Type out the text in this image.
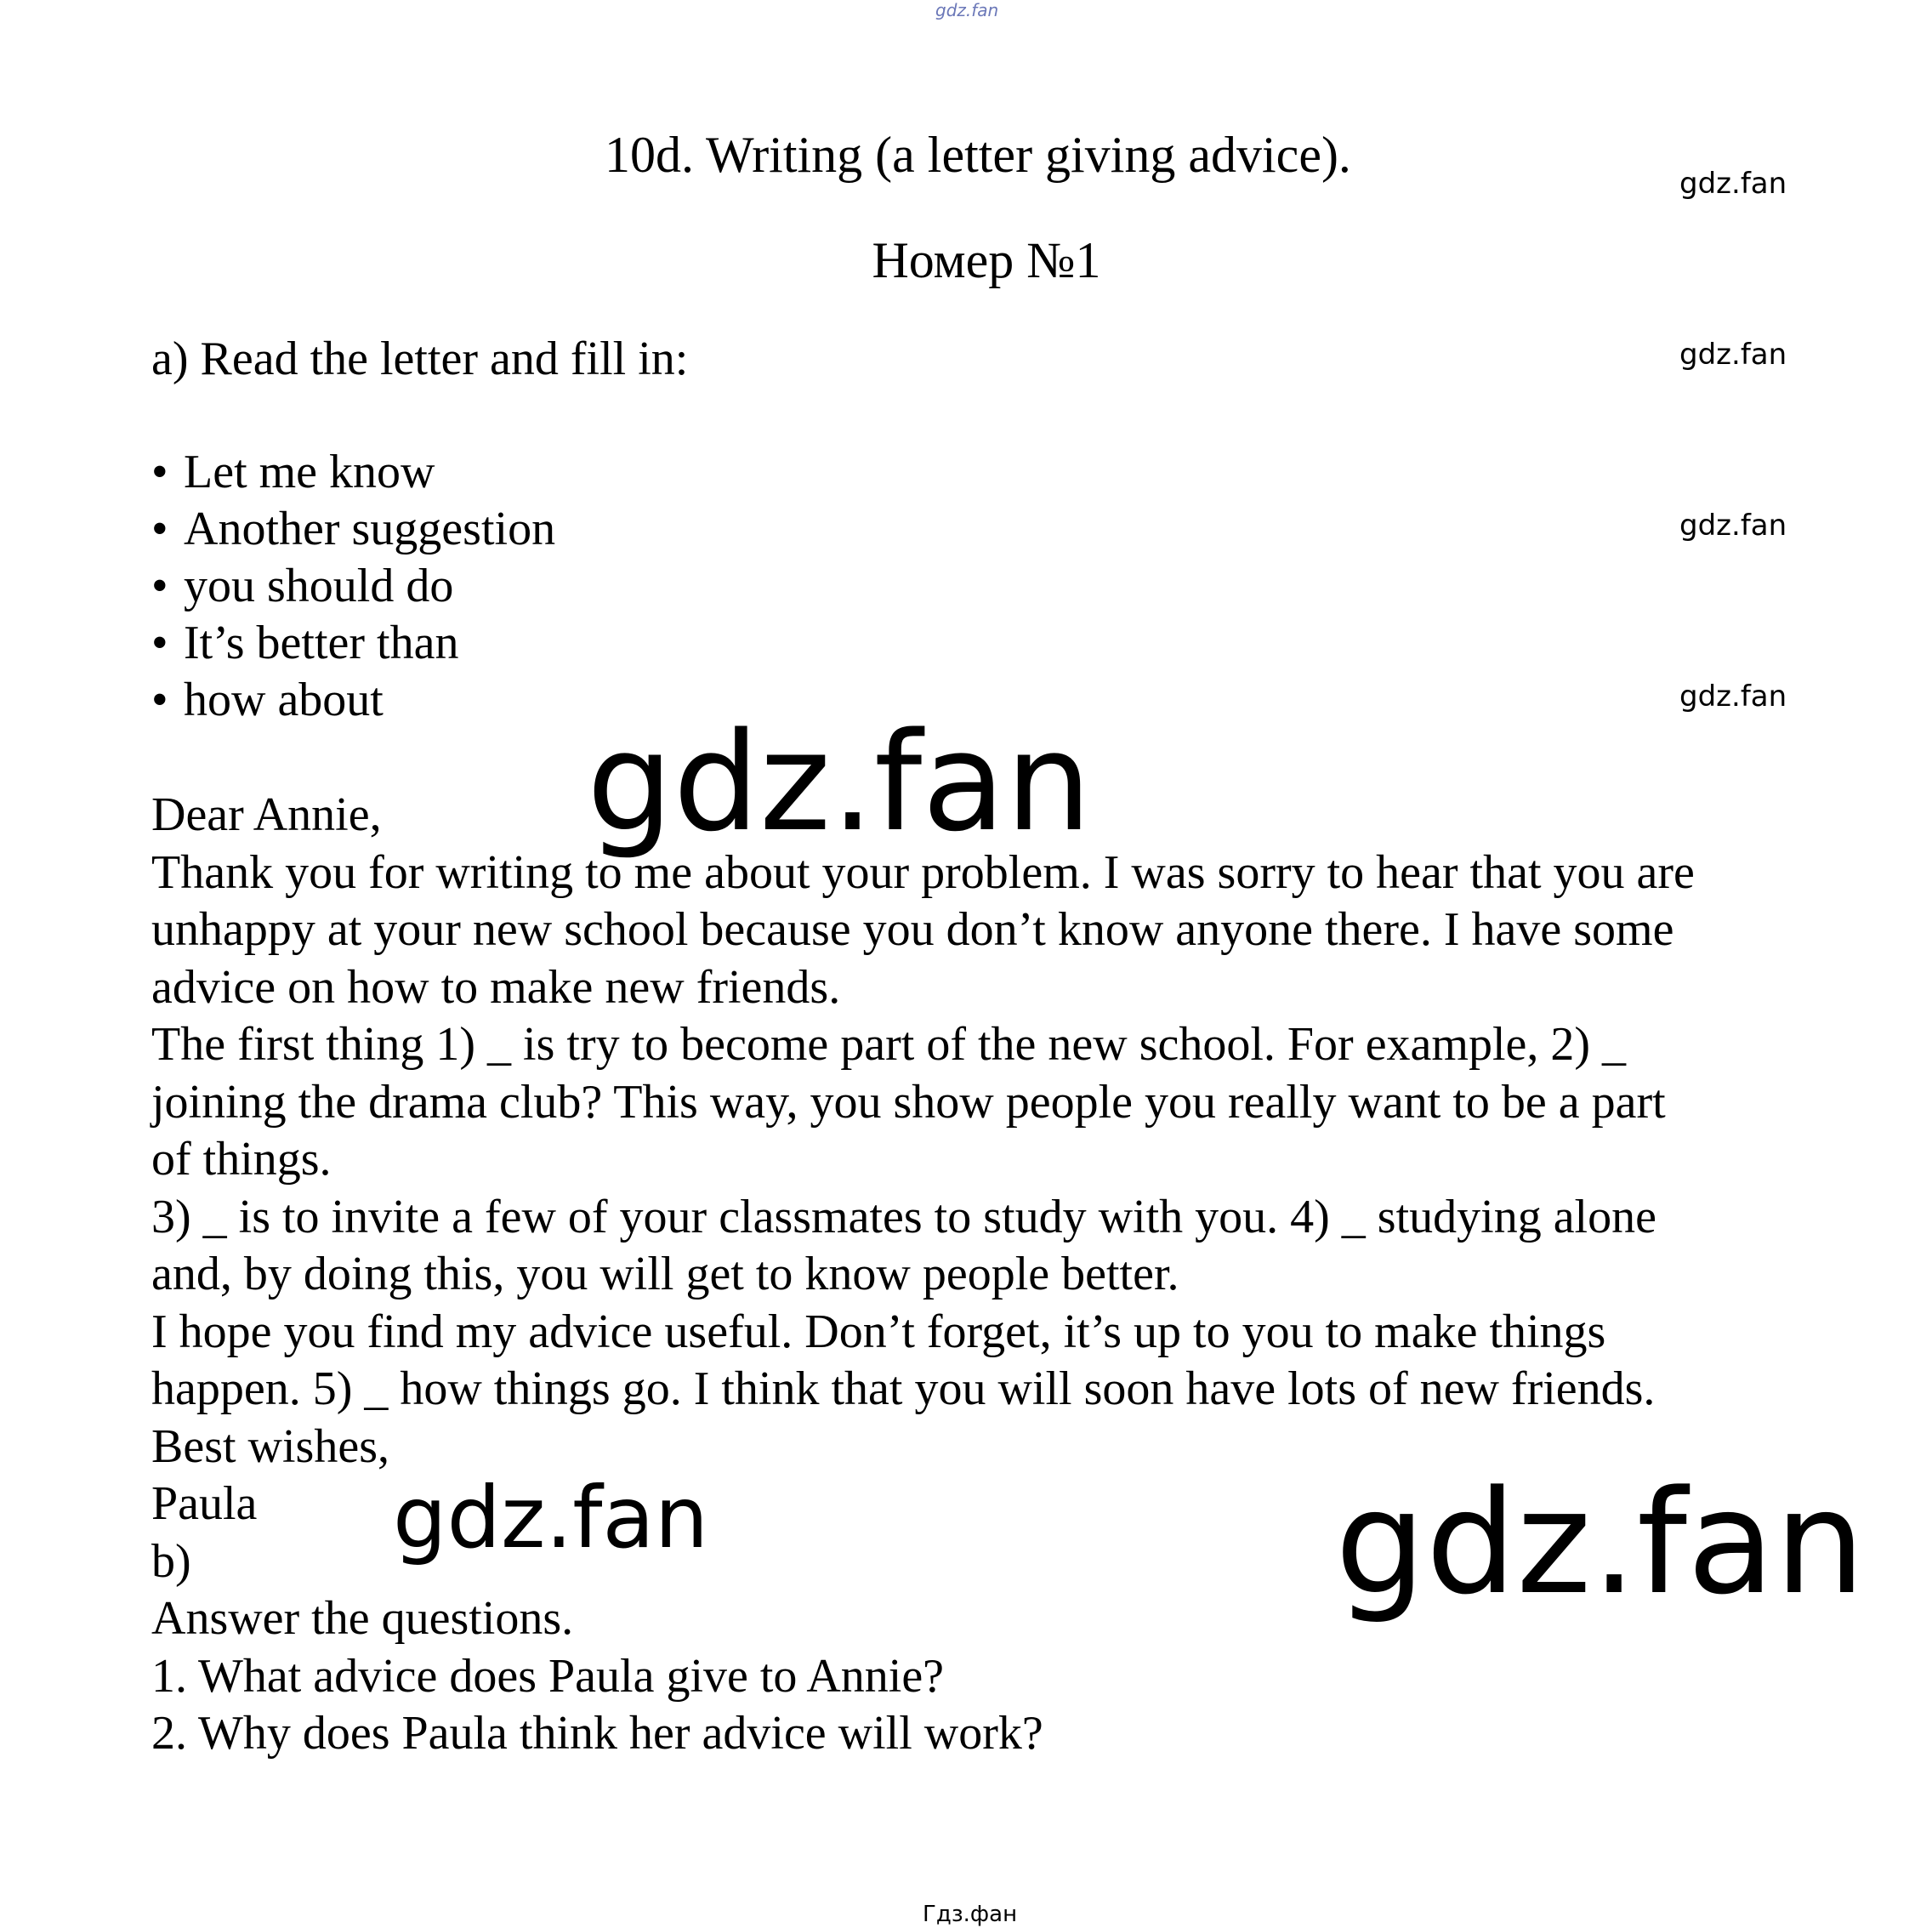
gdz.fan
10d. Writing (a letter giving advice).
Номер №1
a) Read the letter and fill in:
• Let me know
• Another suggestion
• you should do
• It’s better than
• how about
Dear Annie,
Thank you for writing to me about your problem. I was sorry to hear that you are
unhappy at your new school because you don’t know anyone there. I have some
advice on how to make new friends.
The first thing 1) _ is try to become part of the new school. For example, 2) _
joining the drama club? This way, you show people you really want to be a part
of things.
3) _ is to invite a few of your classmates to study with you. 4) _ studying alone
and, by doing this, you will get to know people better.
I hope you find my advice useful. Don’t forget, it’s up to you to make things
happen. 5) _ how things go. I think that you will soon have lots of new friends.
Best wishes,
Paula
b)
Answer the questions.
1. What advice does Paula give to Annie?
2. Why does Paula think her advice will work?
gdz.fan
gdz.fan
gdz.fan
gdz.fan
gdz.fan
gdz.fan	gdz.fan
Гдз.фан
